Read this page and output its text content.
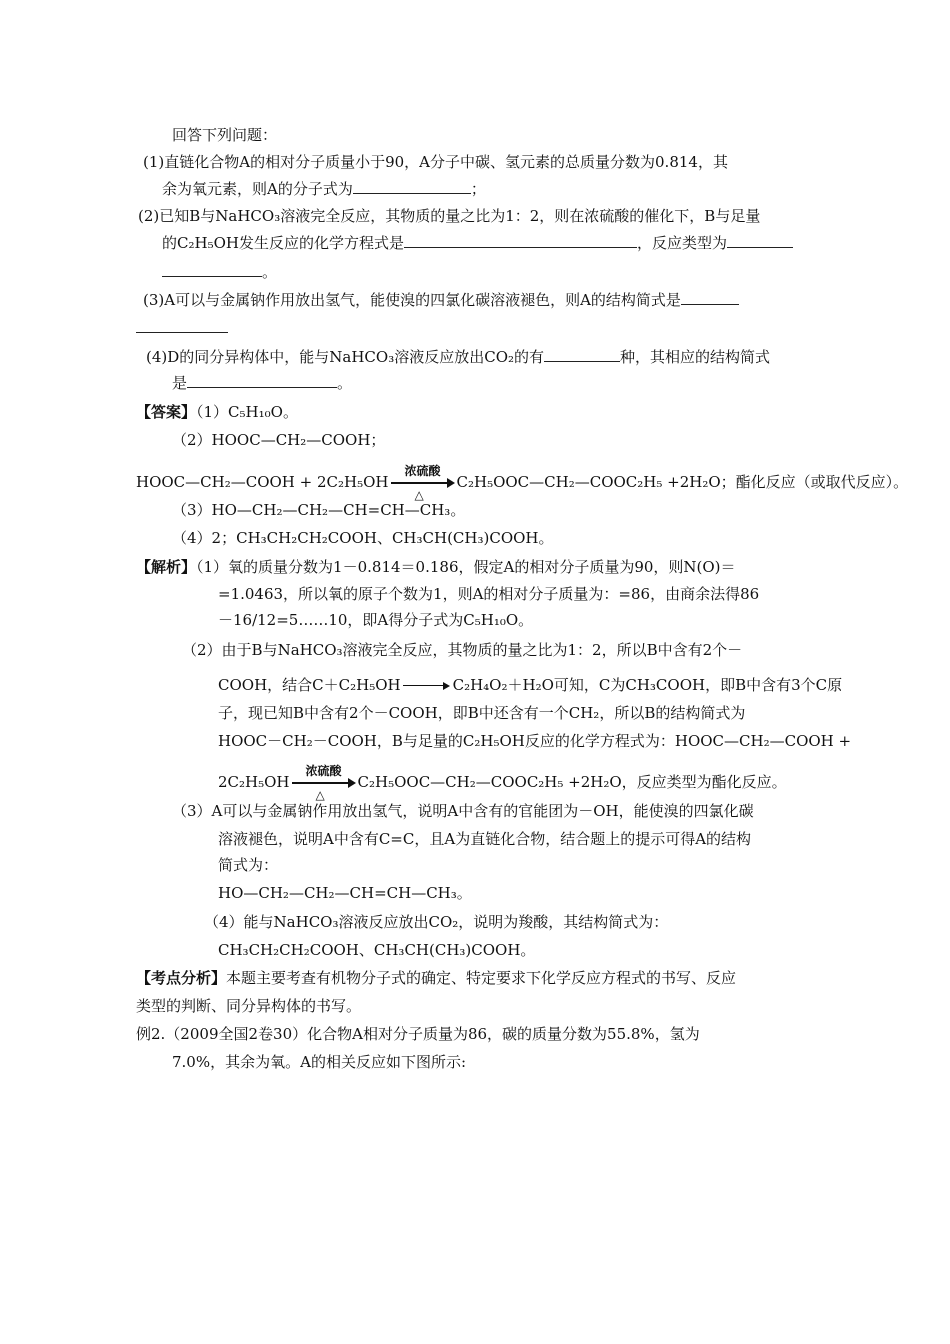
回答下列问题：
(1)直链化合物A的相对分子质量小于90，A分子中碳、氢元素的总质量分数为0.814，其
余为氧元素，则A的分子式为	；
(2)已知B与NaHCO₃溶液完全反应，其物质的量之比为1：2，则在浓硫酸的催化下，B与足量
的C₂H₅OH发生反应的化学方程式是	，反应类型为
。
(3)A可以与金属钠作用放出氢气，能使溴的四氯化碳溶液褪色，则A的结构简式是
(4)D的同分异构体中，能与NaHCO₃溶液反应放出CO₂的有	种，其相应的结构简式
是	。
【答案】（1）C₅H₁₀O。
（2）HOOC—CH₂—COOH；
HOOC—CH₂—COOH + 2C₂H₅OH
浓硫酸
△
C₂H₅OOC—CH₂—COOC₂H₅ +2H₂O；酯化反应（或取代反应）。
（3）HO—CH₂—CH₂—CH=CH—CH₃。
（4）2；CH₃CH₂CH₂COOH、CH₃CH(CH₃)COOH。
【解析】（1）氧的质量分数为1－0.814＝0.186，假定A的相对分子质量为90，则N(O)＝
=1.0463，所以氧的原子个数为1，则A的相对分子质量为：=86，由商余法得86
－16/12=5……10，即A得分子式为C₅H₁₀O。
（2）由于B与NaHCO₃溶液完全反应，其物质的量之比为1：2，所以B中含有2个－
COOH，结合C＋C₂H₅OH	C₂H₄O₂＋H₂O可知，C为CH₃COOH，即B中含有3个C原
子，现已知B中含有2个－COOH，即B中还含有一个CH₂，所以B的结构简式为
HOOC－CH₂－COOH，B与足量的C₂H₅OH反应的化学方程式为：HOOC—CH₂—COOH +
2C₂H₅OH
浓硫酸
△
C₂H₅OOC—CH₂—COOC₂H₅ +2H₂O，反应类型为酯化反应。
（3）A可以与金属钠作用放出氢气，说明A中含有的官能团为－OH，能使溴的四氯化碳
溶液褪色，说明A中含有C=C，且A为直链化合物，结合题上的提示可得A的结构
简式为：
HO—CH₂—CH₂—CH=CH—CH₃。
（4）能与NaHCO₃溶液反应放出CO₂，说明为羧酸，其结构简式为：
CH₃CH₂CH₂COOH、CH₃CH(CH₃)COOH。
【考点分析】本题主要考查有机物分子式的确定、特定要求下化学反应方程式的书写、反应
类型的判断、同分异构体的书写。
例2.（2009全国2卷30）化合物A相对分子质量为86，碳的质量分数为55.8%，氢为
7.0%，其余为氧。A的相关反应如下图所示:
